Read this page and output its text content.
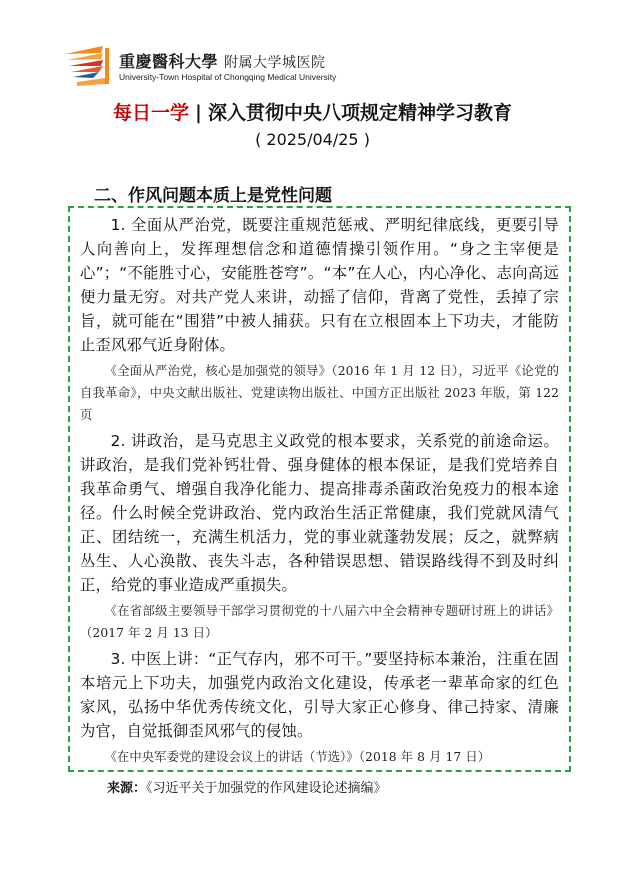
重慶醫科大學 附属大学城医院
University-Town Hospital of Chongqing Medical University
每日一学 | 深入贯彻中央八项规定精神学习教育
( 2025/04/25 )
二、作风问题本质上是党性问题

1. 全面从严治党，既要注重规范惩戒、严明纪律底线，更要引导人向善向上，发挥理想信念和道德情操引领作用。“身之主宰便是心”；“不能胜寸心，安能胜苍穹”。“本”在人心，内心净化、志向高远便力量无穷。对共产党人来讲，动摇了信仰，背离了党性，丢掉了宗旨，就可能在“围猎”中被人捕获。只有在立根固本上下功夫，才能防止歪风邪气近身附体。

《全面从严治党，核心是加强党的领导》（2016 年 1 月 12 日），习近平《论党的自我革命》，中央文献出版社、党建读物出版社、中国方正出版社 2023 年版，第 122 页

2. 讲政治，是马克思主义政党的根本要求，关系党的前途命运。讲政治，是我们党补钙壮骨、强身健体的根本保证，是我们党培养自我革命勇气、增强自我净化能力、提高排毒杀菌政治免疫力的根本途径。什么时候全党讲政治、党内政治生活正常健康，我们党就风清气正、团结统一，充满生机活力，党的事业就蓬勃发展；反之，就弊病丛生、人心涣散、丧失斗志，各种错误思想、错误路线得不到及时纠正，给党的事业造成严重损失。

《在省部级主要领导干部学习贯彻党的十八届六中全会精神专题研讨班上的讲话》（2017 年 2 月 13 日）

3. 中医上讲：“正气存内，邪不可干。”要坚持标本兼治，注重在固本培元上下功夫，加强党内政治文化建设，传承老一辈革命家的红色家风，弘扬中华优秀传统文化，引导大家正心修身、律己持家、清廉为官，自觉抵御歪风邪气的侵蚀。

《在中央军委党的建设会议上的讲话（节选）》（2018 年 8 月 17 日）

来源：《习近平关于加强党的作风建设论述摘编》
